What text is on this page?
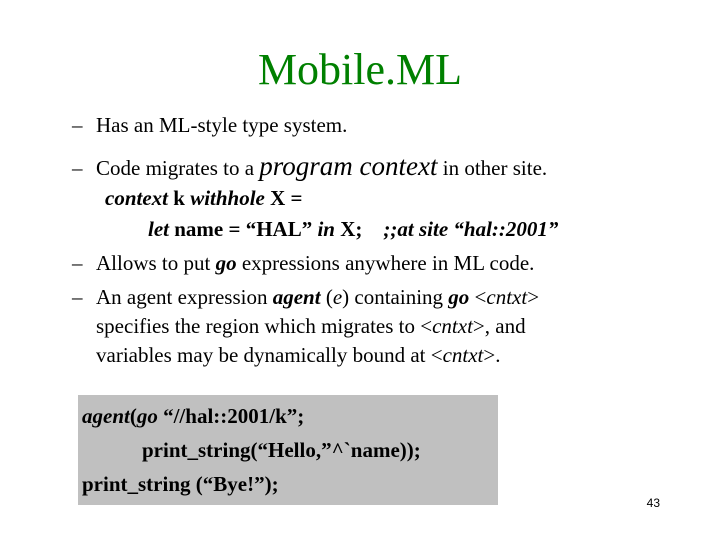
Mobile.ML
– Has an ML-style type system.
– Code migrates to a program context in other site.
context k withhole X =
let name = “HAL” in X;    ;;at site “hal::2001”
– Allows to put go expressions anywhere in ML code.
– An agent expression agent (e) containing go <cntxt>
specifies the region which migrates to <cntxt>, and
variables may be dynamically bound at <cntxt>.
agent(go “//hal::2001/k”;
print_string(“Hello,”^`name));
print_string (“Bye!”);
43
